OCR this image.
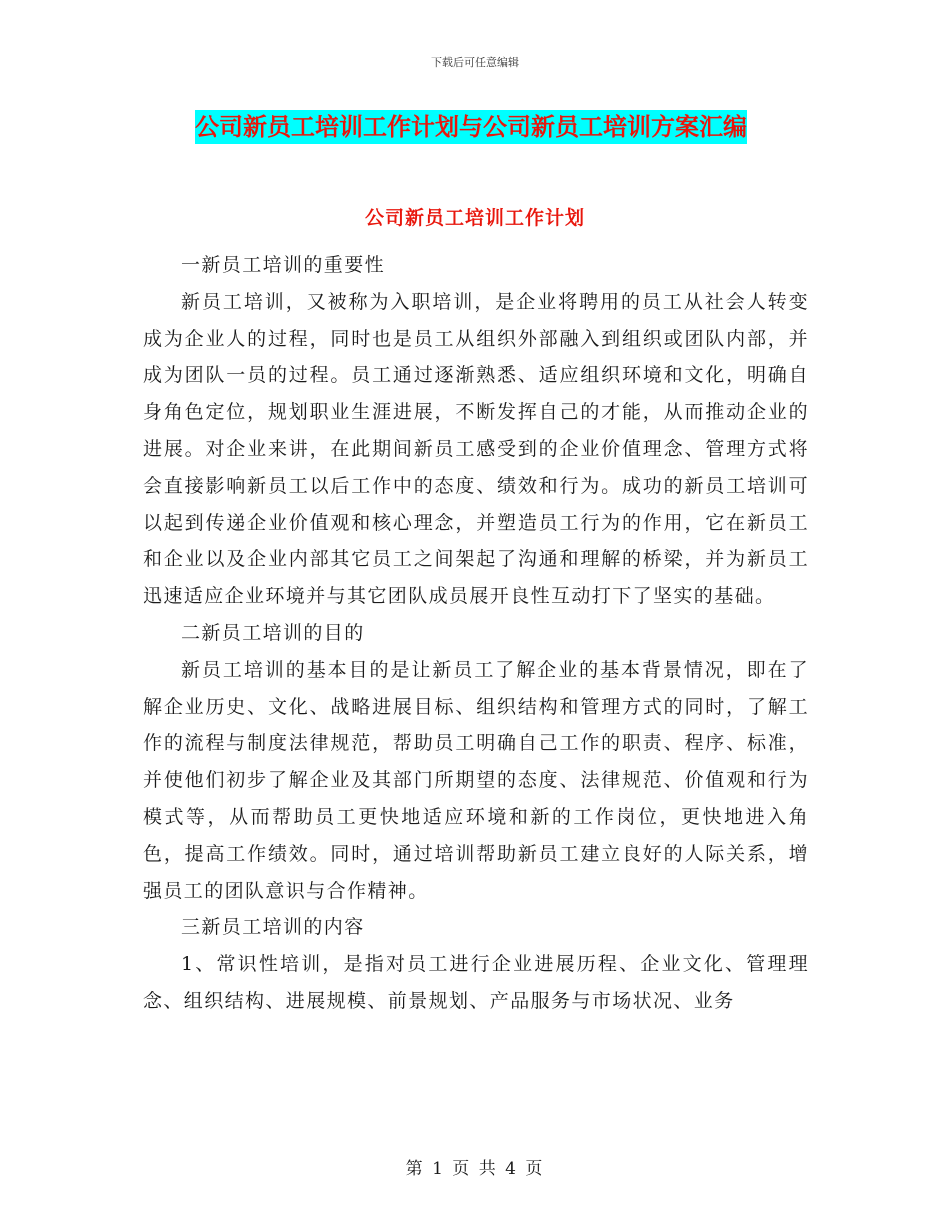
下载后可任意编辑
公司新员工培训工作计划与公司新员工培训方案汇编
公司新员工培训工作计划

一新员工培训的重要性

新员工培训，又被称为入职培训，是企业将聘用的员工从社会人转变成为企业人的过程，同时也是员工从组织外部融入到组织或团队内部，并成为团队一员的过程。员工通过逐渐熟悉、适应组织环境和文化，明确自身角色定位，规划职业生涯进展，不断发挥自己的才能，从而推动企业的进展。对企业来讲，在此期间新员工感受到的企业价值理念、管理方式将会直接影响新员工以后工作中的态度、绩效和行为。成功的新员工培训可以起到传递企业价值观和核心理念，并塑造员工行为的作用，它在新员工和企业以及企业内部其它员工之间架起了沟通和理解的桥梁，并为新员工迅速适应企业环境并与其它团队成员展开良性互动打下了坚实的基础。

二新员工培训的目的

新员工培训的基本目的是让新员工了解企业的基本背景情况，即在了解企业历史、文化、战略进展目标、组织结构和管理方式的同时，了解工作的流程与制度法律规范，帮助员工明确自己工作的职责、程序、标准，并使他们初步了解企业及其部门所期望的态度、法律规范、价值观和行为模式等，从而帮助员工更快地适应环境和新的工作岗位，更快地进入角色，提高工作绩效。同时，通过培训帮助新员工建立良好的人际关系，增强员工的团队意识与合作精神。

三新员工培训的内容

1、常识性培训，是指对员工进行企业进展历程、企业文化、管理理念、组织结构、进展规模、前景规划、产品服务与市场状况、业务

第 1 页 共 4 页
